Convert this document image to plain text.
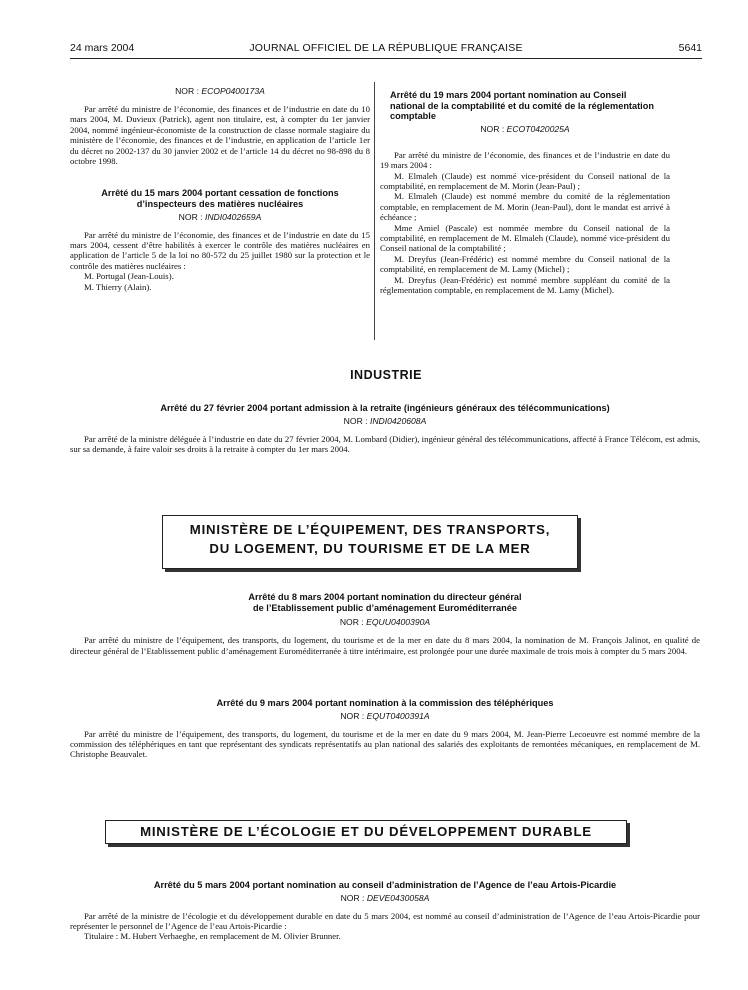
24 mars 2004	JOURNAL OFFICIEL DE LA RÉPUBLIQUE FRANÇAISE	5641
NOR : ECOP0400173A

Par arrêté du ministre de l’économie, des finances et de l’industrie en date du 10 mars 2004, M. Duvieux (Patrick), agent non titulaire, est, à compter du 1er janvier 2004, nommé ingénieur-économiste de la construction de classe normale stagiaire du ministère de l’économie, des finances et de l’industrie, en application de l’article 1er du décret no 2002-137 du 30 janvier 2002 et de l’article 14 du décret no 98-898 du 8 octobre 1998.

Arrêté du 15 mars 2004 portant cessation de fonctions d’inspecteurs des matières nucléaires
NOR : INDI0402659A

Par arrêté du ministre de l’économie, des finances et de l’industrie en date du 15 mars 2004, cessent d’être habilités à exercer le contrôle des matières nucléaires en application de l’article 5 de la loi no 80-572 du 25 juillet 1980 sur la protection et le contrôle des matières nucléaires :

M. Portugal (Jean-Louis).

M. Thierry (Alain).

Arrêté du 19 mars 2004 portant nomination au Conseil national de la comptabilité et du comité de la réglementation comptable
NOR : ECOT0420025A

Par arrêté du ministre de l’économie, des finances et de l’industrie en date du 19 mars 2004 :

M. Elmaleh (Claude) est nommé vice-président du Conseil national de la comptabilité, en remplacement de M. Morin (Jean-Paul) ;

M. Elmaleh (Claude) est nommé membre du comité de la réglementation comptable, en remplacement de M. Morin (Jean-Paul), dont le mandat est arrivé à échéance ;

Mme Amiel (Pascale) est nommée membre du Conseil national de la comptabilité, en remplacement de M. Elmaleh (Claude), nommé vice-président du Conseil national de la comptabilité ;

M. Dreyfus (Jean-Frédéric) est nommé membre du Conseil national de la comptabilité, en remplacement de M. Lamy (Michel) ;

M. Dreyfus (Jean-Frédéric) est nommé membre suppléant du comité de la réglementation comptable, en remplacement de M. Lamy (Michel).

INDUSTRIE
Arrêté du 27 février 2004 portant admission à la retraite (ingénieurs généraux des télécommunications)
NOR : INDI0420608A

Par arrêté de la ministre déléguée à l’industrie en date du 27 février 2004, M. Lombard (Didier), ingénieur général des télécommunications, affecté à France Télécom, est admis, sur sa demande, à faire valoir ses droits à la retraite à compter du 1er mars 2004.

MINISTÈRE DE L’ÉQUIPEMENT, DES TRANSPORTS,
DU LOGEMENT, DU TOURISME ET DE LA MER
Arrêté du 8 mars 2004 portant nomination du directeur général
de l’Etablissement public d’aménagement Euroméditerranée
NOR : EQUU0400390A

Par arrêté du ministre de l’équipement, des transports, du logement, du tourisme et de la mer en date du 8 mars 2004, la nomination de M. François Jalinot, en qualité de directeur général de l’Etablissement public d’aménagement Euroméditerranée à titre intérimaire, est prolongée pour une durée maximale de trois mois à compter du 5 mars 2004.

Arrêté du 9 mars 2004 portant nomination à la commission des téléphériques
NOR : EQUT0400391A

Par arrêté du ministre de l’équipement, des transports, du logement, du tourisme et de la mer en date du 9 mars 2004, M. Jean-Pierre Lecoeuvre est nommé membre de la commission des téléphériques en tant que représentant des syndicats représentatifs au plan national des salariés des exploitants de remontées mécaniques, en remplacement de M. Christophe Beauvalet.

MINISTÈRE DE L’ÉCOLOGIE ET DU DÉVELOPPEMENT DURABLE
Arrêté du 5 mars 2004 portant nomination au conseil d’administration de l’Agence de l’eau Artois-Picardie
NOR : DEVE0430058A

Par arrêté de la ministre de l’écologie et du développement durable en date du 5 mars 2004, est nommé au conseil d’administration de l’Agence de l’eau Artois-Picardie pour représenter le personnel de l’Agence de l’eau Artois-Picardie :

Titulaire : M. Hubert Verhaeghe, en remplacement de M. Olivier Brunner.
